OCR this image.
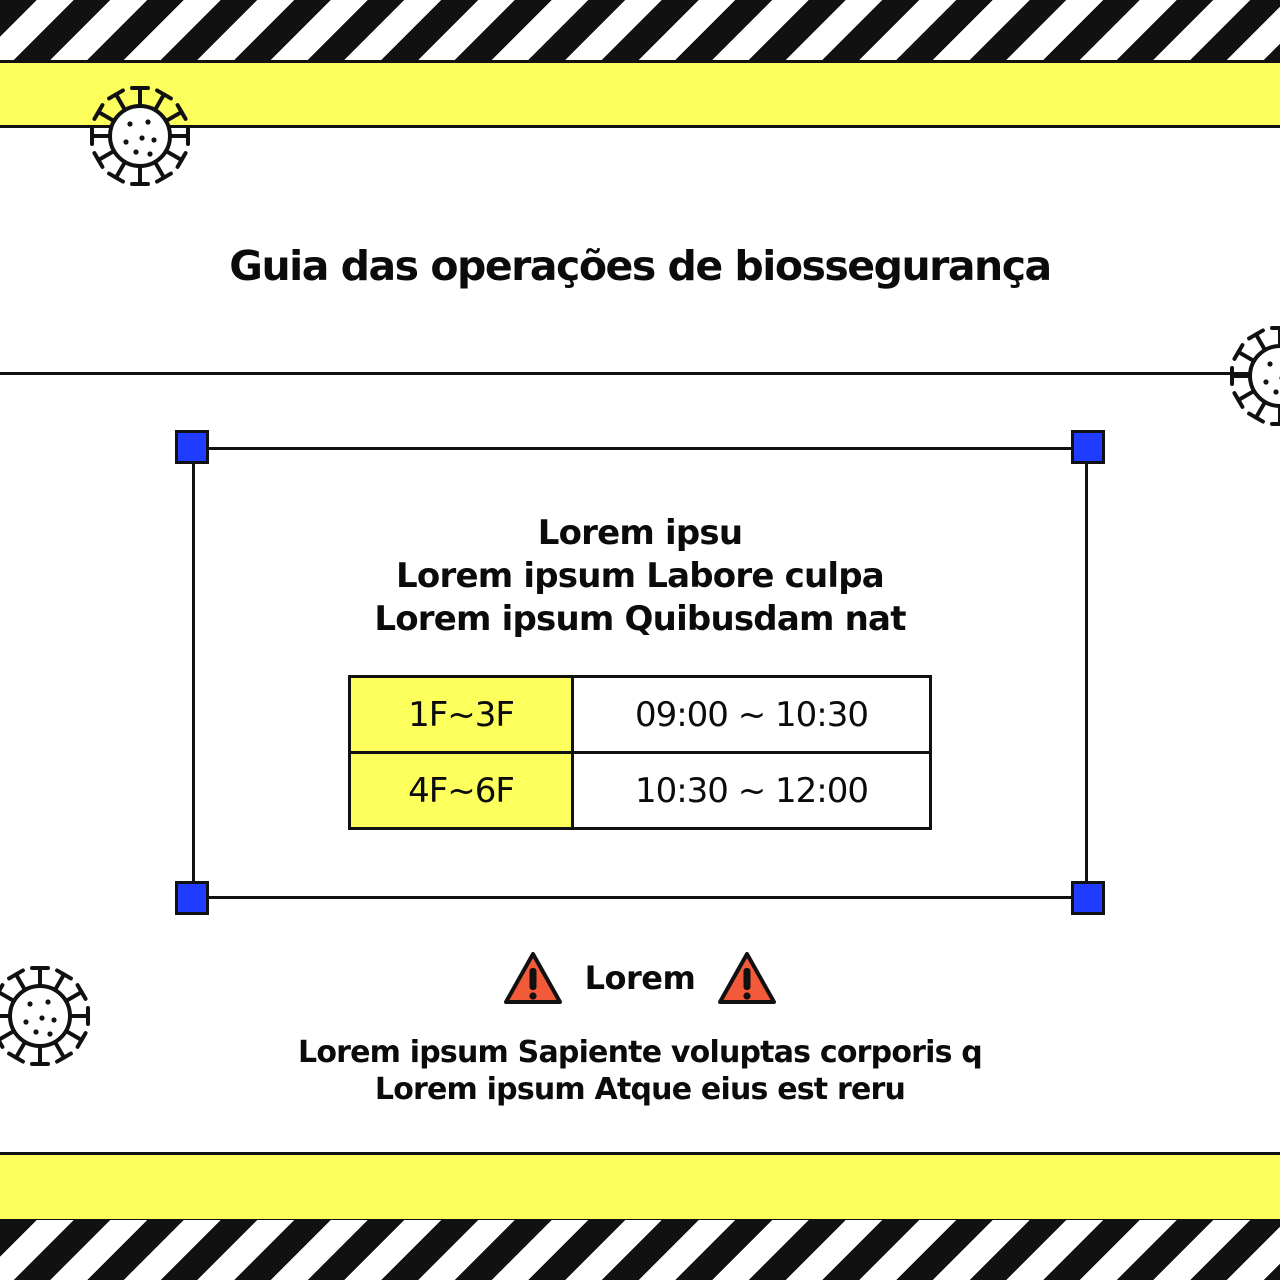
Guia das operações de biossegurança
Lorem ipsu
Lorem ipsum Labore culpa
Lorem ipsum Quibusdam nat
1F~3F	09:00 ~ 10:30
4F~6F	10:30 ~ 12:00
Lorem
Lorem ipsum Sapiente voluptas corporis q
Lorem ipsum Atque eius est reru
